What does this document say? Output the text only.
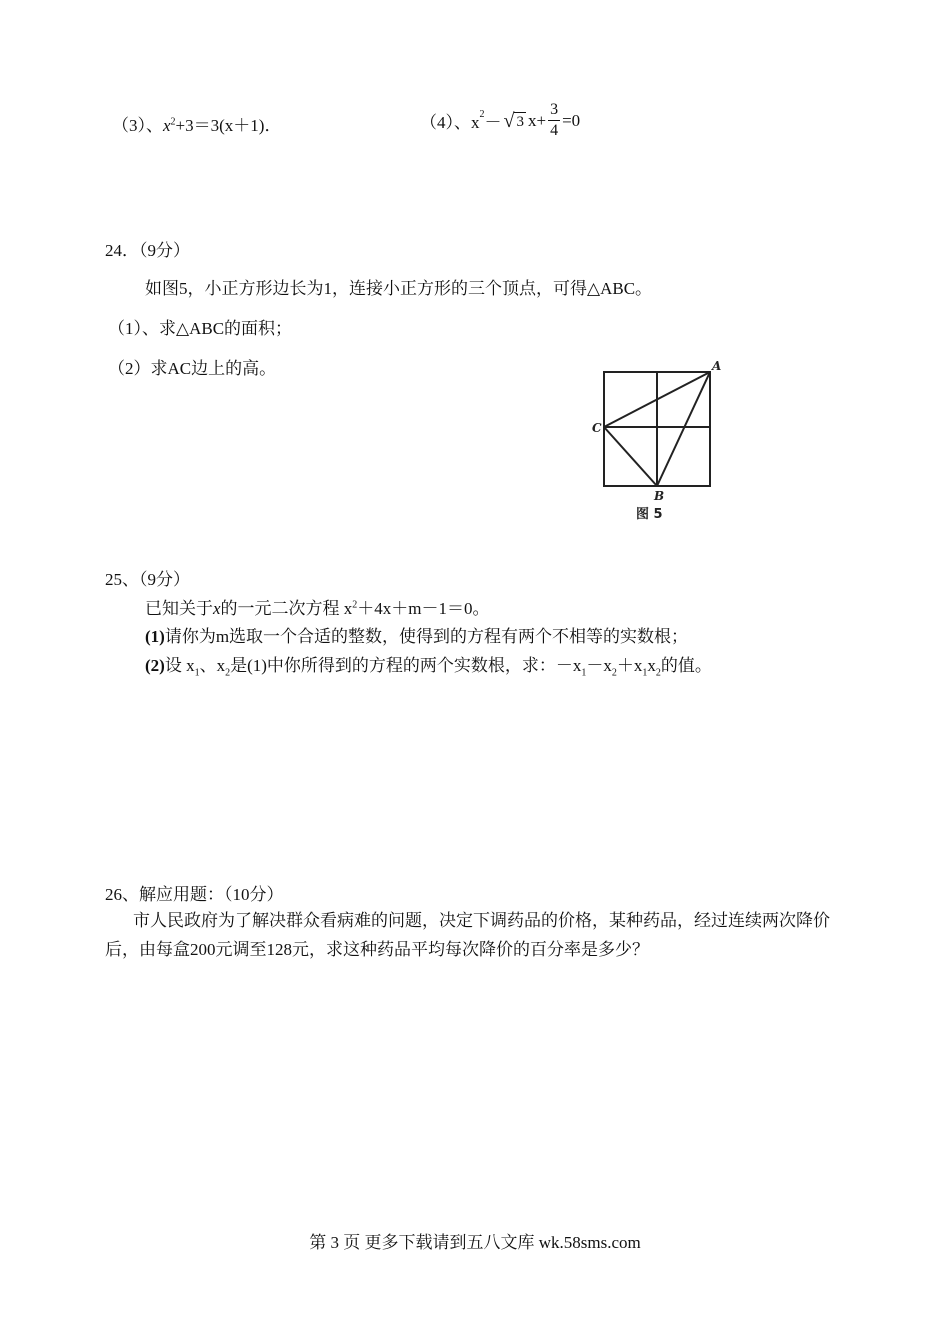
（3）、$x^2+3=3(x+1)$．	（4）、$x^2$ － √ 3 $x+ \frac{3}{4} =0$
24．（9分）
如图5，小正方形边长为1，连接小正方形的三个顶点，可得△ABC。
（1）、求△ABC的面积；
（2）求AC边上的高。	A
C
B
图 5
25、（9分）
已知关于x的一元二次方程 $x^2+4x+m-1=0$。
(1)请你为m选取一个合适的整数，使得到的方程有两个不相等的实数根；
(2)设 $x_1$、$x_2$是(1)中你所得到的方程的两个实数根，求：$-x_1-x_2+x_1x_2$的值。
26、解应用题：（10分）
市人民政府为了解决群众看病难的问题，决定下调药品的价格，某种药品，经过连续两次降价后，由每盒200元调至128元，求这种药品平均每次降价的百分率是多少？
第 3 页 更多下载请到五八文库 wk.58sms.com
